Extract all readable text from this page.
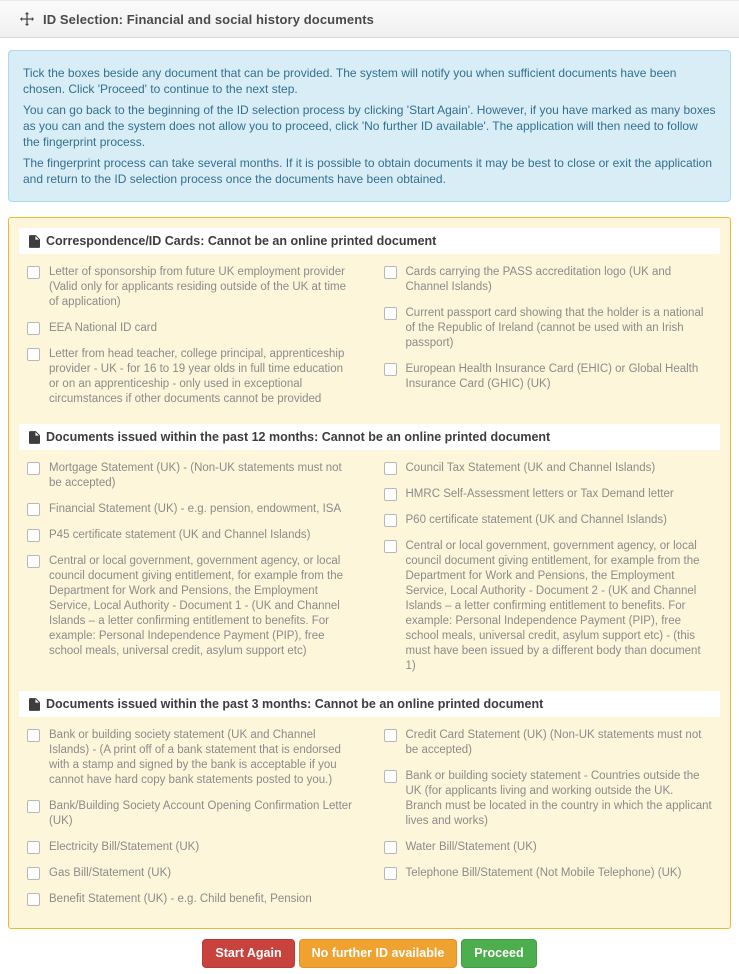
ID Selection: Financial and social history documents

Tick the boxes beside any document that can be provided. The system will notify you when sufficient documents have been chosen. Click 'Proceed' to continue to the next step.

You can go back to the beginning of the ID selection process by clicking 'Start Again'. However, if you have marked as many boxes as you can and the system does not allow you to proceed, click 'No further ID available'. The application will then need to follow the fingerprint process.

The fingerprint process can take several months. If it is possible to obtain documents it may be best to close or exit the application and return to the ID selection process once the documents have been obtained.

Correspondence/ID Cards: Cannot be an online printed document
Letter of sponsorship from future UK employment provider (Valid only for applicants residing outside of the UK at time of application)
EEA National ID card
Letter from head teacher, college principal, apprenticeship provider - UK - for 16 to 19 year olds in full time education or on an apprenticeship - only used in exceptional circumstances if other documents cannot be provided
Cards carrying the PASS accreditation logo (UK and Channel Islands)
Current passport card showing that the holder is a national of the Republic of Ireland (cannot be used with an Irish passport)
European Health Insurance Card (EHIC) or Global Health Insurance Card (GHIC) (UK)
Documents issued within the past 12 months: Cannot be an online printed document
Mortgage Statement (UK) - (Non-UK statements must not be accepted)
Financial Statement (UK) - e.g. pension, endowment, ISA
P45 certificate statement (UK and Channel Islands)
Central or local government, government agency, or local council document giving entitlement, for example from the Department for Work and Pensions, the Employment Service, Local Authority - Document 1 - (UK and Channel Islands – a letter confirming entitlement to benefits. For example: Personal Independence Payment (PIP), free school meals, universal credit, asylum support etc)
Council Tax Statement (UK and Channel Islands)
HMRC Self-Assessment letters or Tax Demand letter
P60 certificate statement (UK and Channel Islands)
Central or local government, government agency, or local council document giving entitlement, for example from the Department for Work and Pensions, the Employment Service, Local Authority - Document 2 - (UK and Channel Islands – a letter confirming entitlement to benefits. For example: Personal Independence Payment (PIP), free school meals, universal credit, asylum support etc) - (this must have been issued by a different body than document 1)
Documents issued within the past 3 months: Cannot be an online printed document
Bank or building society statement (UK and Channel Islands) - (A print off of a bank statement that is endorsed with a stamp and signed by the bank is acceptable if you cannot have hard copy bank statements posted to you.)
Bank/Building Society Account Opening Confirmation Letter (UK)
Electricity Bill/Statement (UK)
Gas Bill/Statement (UK)
Benefit Statement (UK) - e.g. Child benefit, Pension
Credit Card Statement (UK) (Non-UK statements must not be accepted)
Bank or building society statement - Countries outside the UK (for applicants living and working outside the UK. Branch must be located in the country in which the applicant lives and works)
Water Bill/Statement (UK)
Telephone Bill/Statement (Not Mobile Telephone) (UK)
Start Again	No further ID available	Proceed
